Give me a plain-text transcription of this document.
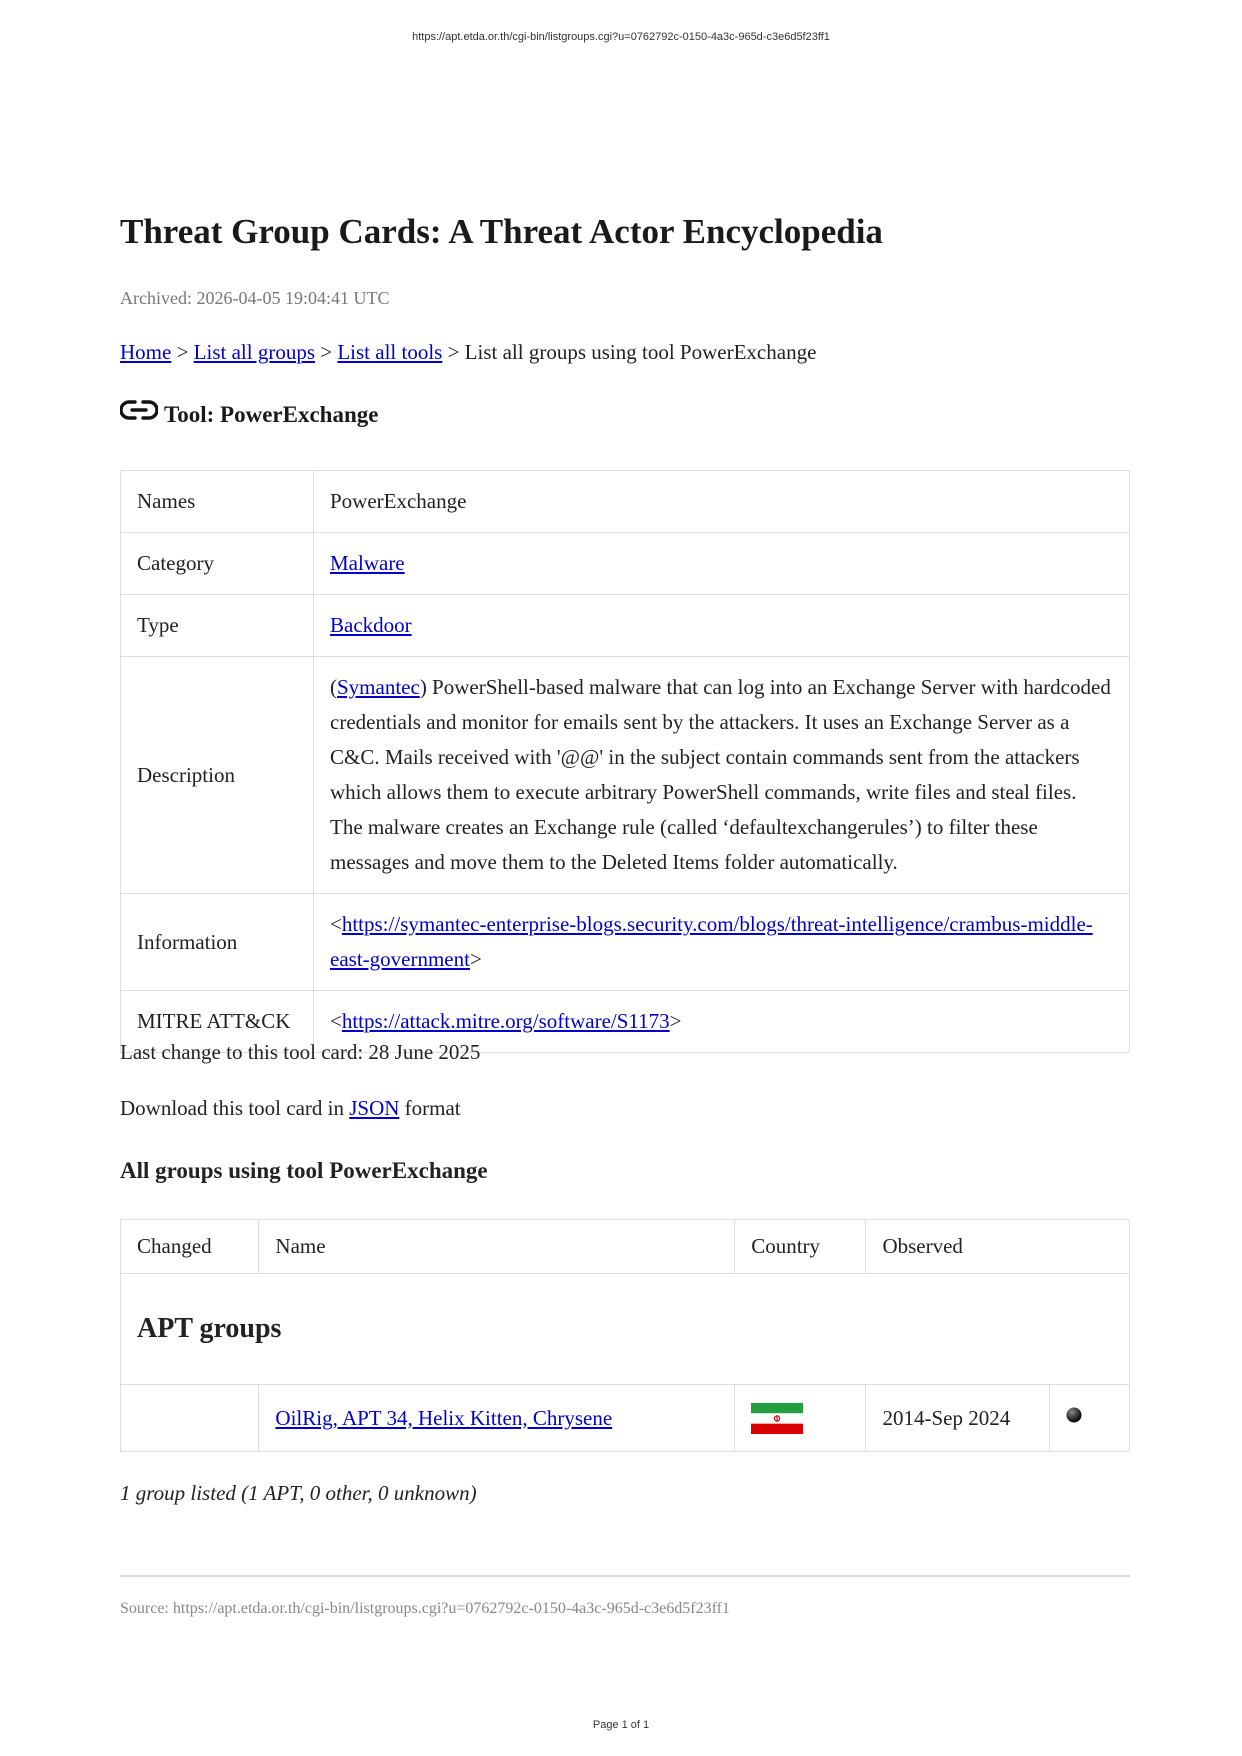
https://apt.etda.or.th/cgi-bin/listgroups.cgi?u=0762792c-0150-4a3c-965d-c3e6d5f23ff1
Threat Group Cards: A Threat Actor Encyclopedia
Archived: 2026-04-05 19:04:41 UTC
Home > List all groups > List all tools > List all groups using tool PowerExchange
Tool: PowerExchange
Names	PowerExchange
Category	Malware
Type	Backdoor
Description	(Symantec) PowerShell-based malware that can log into an Exchange Server with hardcoded credentials and monitor for emails sent by the attackers. It uses an Exchange Server as a C&C. Mails received with '@@' in the subject contain commands sent from the attackers which allows them to execute arbitrary PowerShell commands, write files and steal files. The malware creates an Exchange rule (called ‘defaultexchangerules’) to filter these messages and move them to the Deleted Items folder automatically.
Information	<https://symantec-enterprise-blogs.security.com/blogs/threat-intelligence/crambus-middle-east-government>
MITRE ATT&CK	<https://attack.mitre.org/software/S1173>
Last change to this tool card: 28 June 2025
Download this tool card in JSON format
All groups using tool PowerExchange
Changed	Name	Country	Observed	
APT groups				
	OilRig, APT 34, Helix Kitten, Chrysene		2014-Sep 2024	
1 group listed (1 APT, 0 other, 0 unknown)
Source: https://apt.etda.or.th/cgi-bin/listgroups.cgi?u=0762792c-0150-4a3c-965d-c3e6d5f23ff1
Page 1 of 1
